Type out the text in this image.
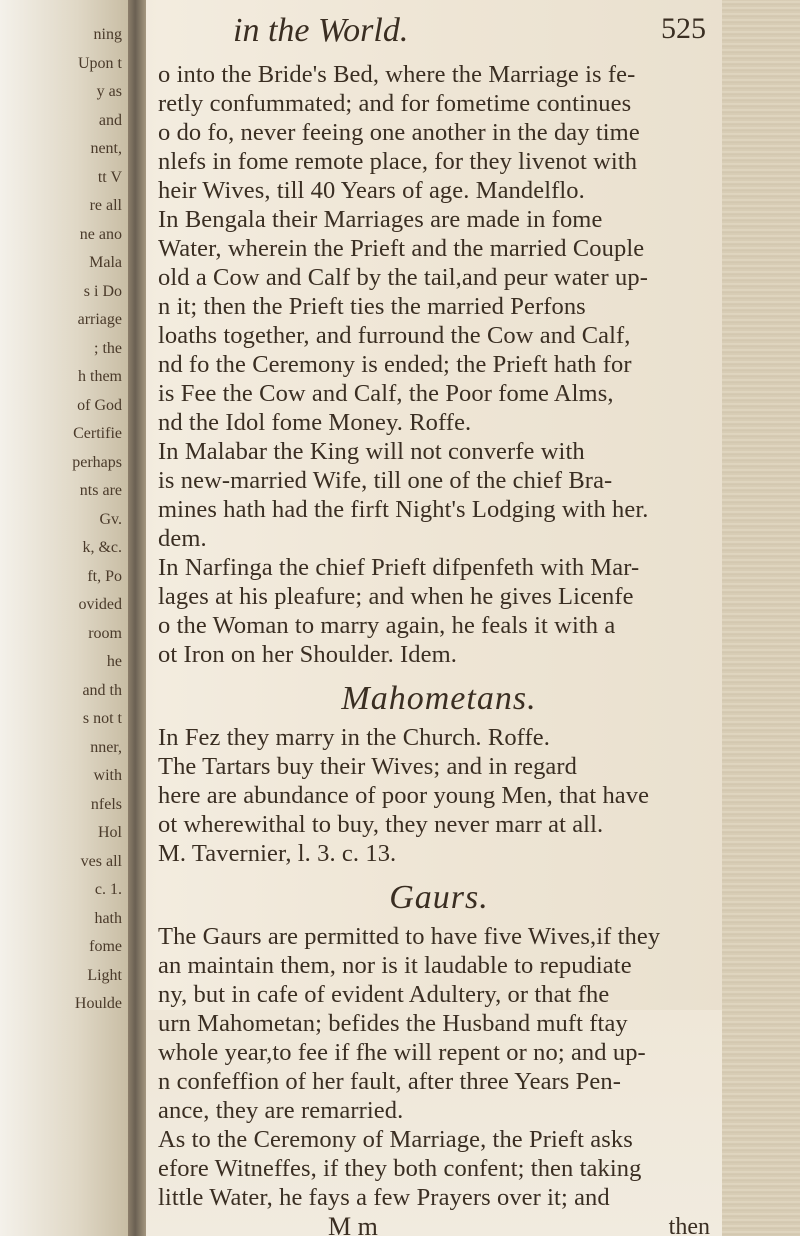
ning
Upon t
y as
and
nent,
tt V
re all
ne ano
Mala
s i Do
arriage
; the
h them
of God
Certifie
perhaps
nts are
Gv.
k, &c.
ft, Po
ovided
room
he
and th
s not t
nner,
with
nfels
Hol
ves all
c. 1.
hath
fome
Light
Houlde
in the World.	525
o into the Bride's Bed, where the Marriage is fe-
retly confummated; and for fometime continues
o do fo, never feeing one another in the day time
nlefs in fome remote place, for they livenot with
heir Wives, till 40 Years of age. Mandelflo.
In Bengala their Marriages are made in fome
Water, wherein the Prieft and the married Couple
old a Cow and Calf by the tail,and peur water up-
n it; then the Prieft ties the married Perfons
loaths together, and furround the Cow and Calf,
nd fo the Ceremony is ended; the Prieft hath for
is Fee the Cow and Calf, the Poor fome Alms,
nd the Idol fome Money. Roffe.
In Malabar the King will not converfe with
is new-married Wife, till one of the chief Bra-
mines hath had the firft Night's Lodging with her.
dem.
In Narfinga the chief Prieft difpenfeth with Mar-
lages at his pleafure; and when he gives Licenfe
o the Woman to marry again, he feals it with a
ot Iron on her Shoulder. Idem.
Mahometans.
In Fez they marry in the Church. Roffe.
The Tartars buy their Wives; and in regard
here are abundance of poor young Men, that have
ot wherewithal to buy, they never marr at all.
M. Tavernier, l. 3. c. 13.
Gaurs.
The Gaurs are permitted to have five Wives,if they
an maintain them, nor is it laudable to repudiate
ny, but in cafe of evident Adultery, or that fhe
urn Mahometan; befides the Husband muft ftay
whole year,to fee if fhe will repent or no; and up-
n confeffion of her fault, after three Years Pen-
ance, they are remarried.
As to the Ceremony of Marriage, the Prieft asks
efore Witneffes, if they both confent; then taking
little Water, he fays a few Prayers over it; and
M m	then
